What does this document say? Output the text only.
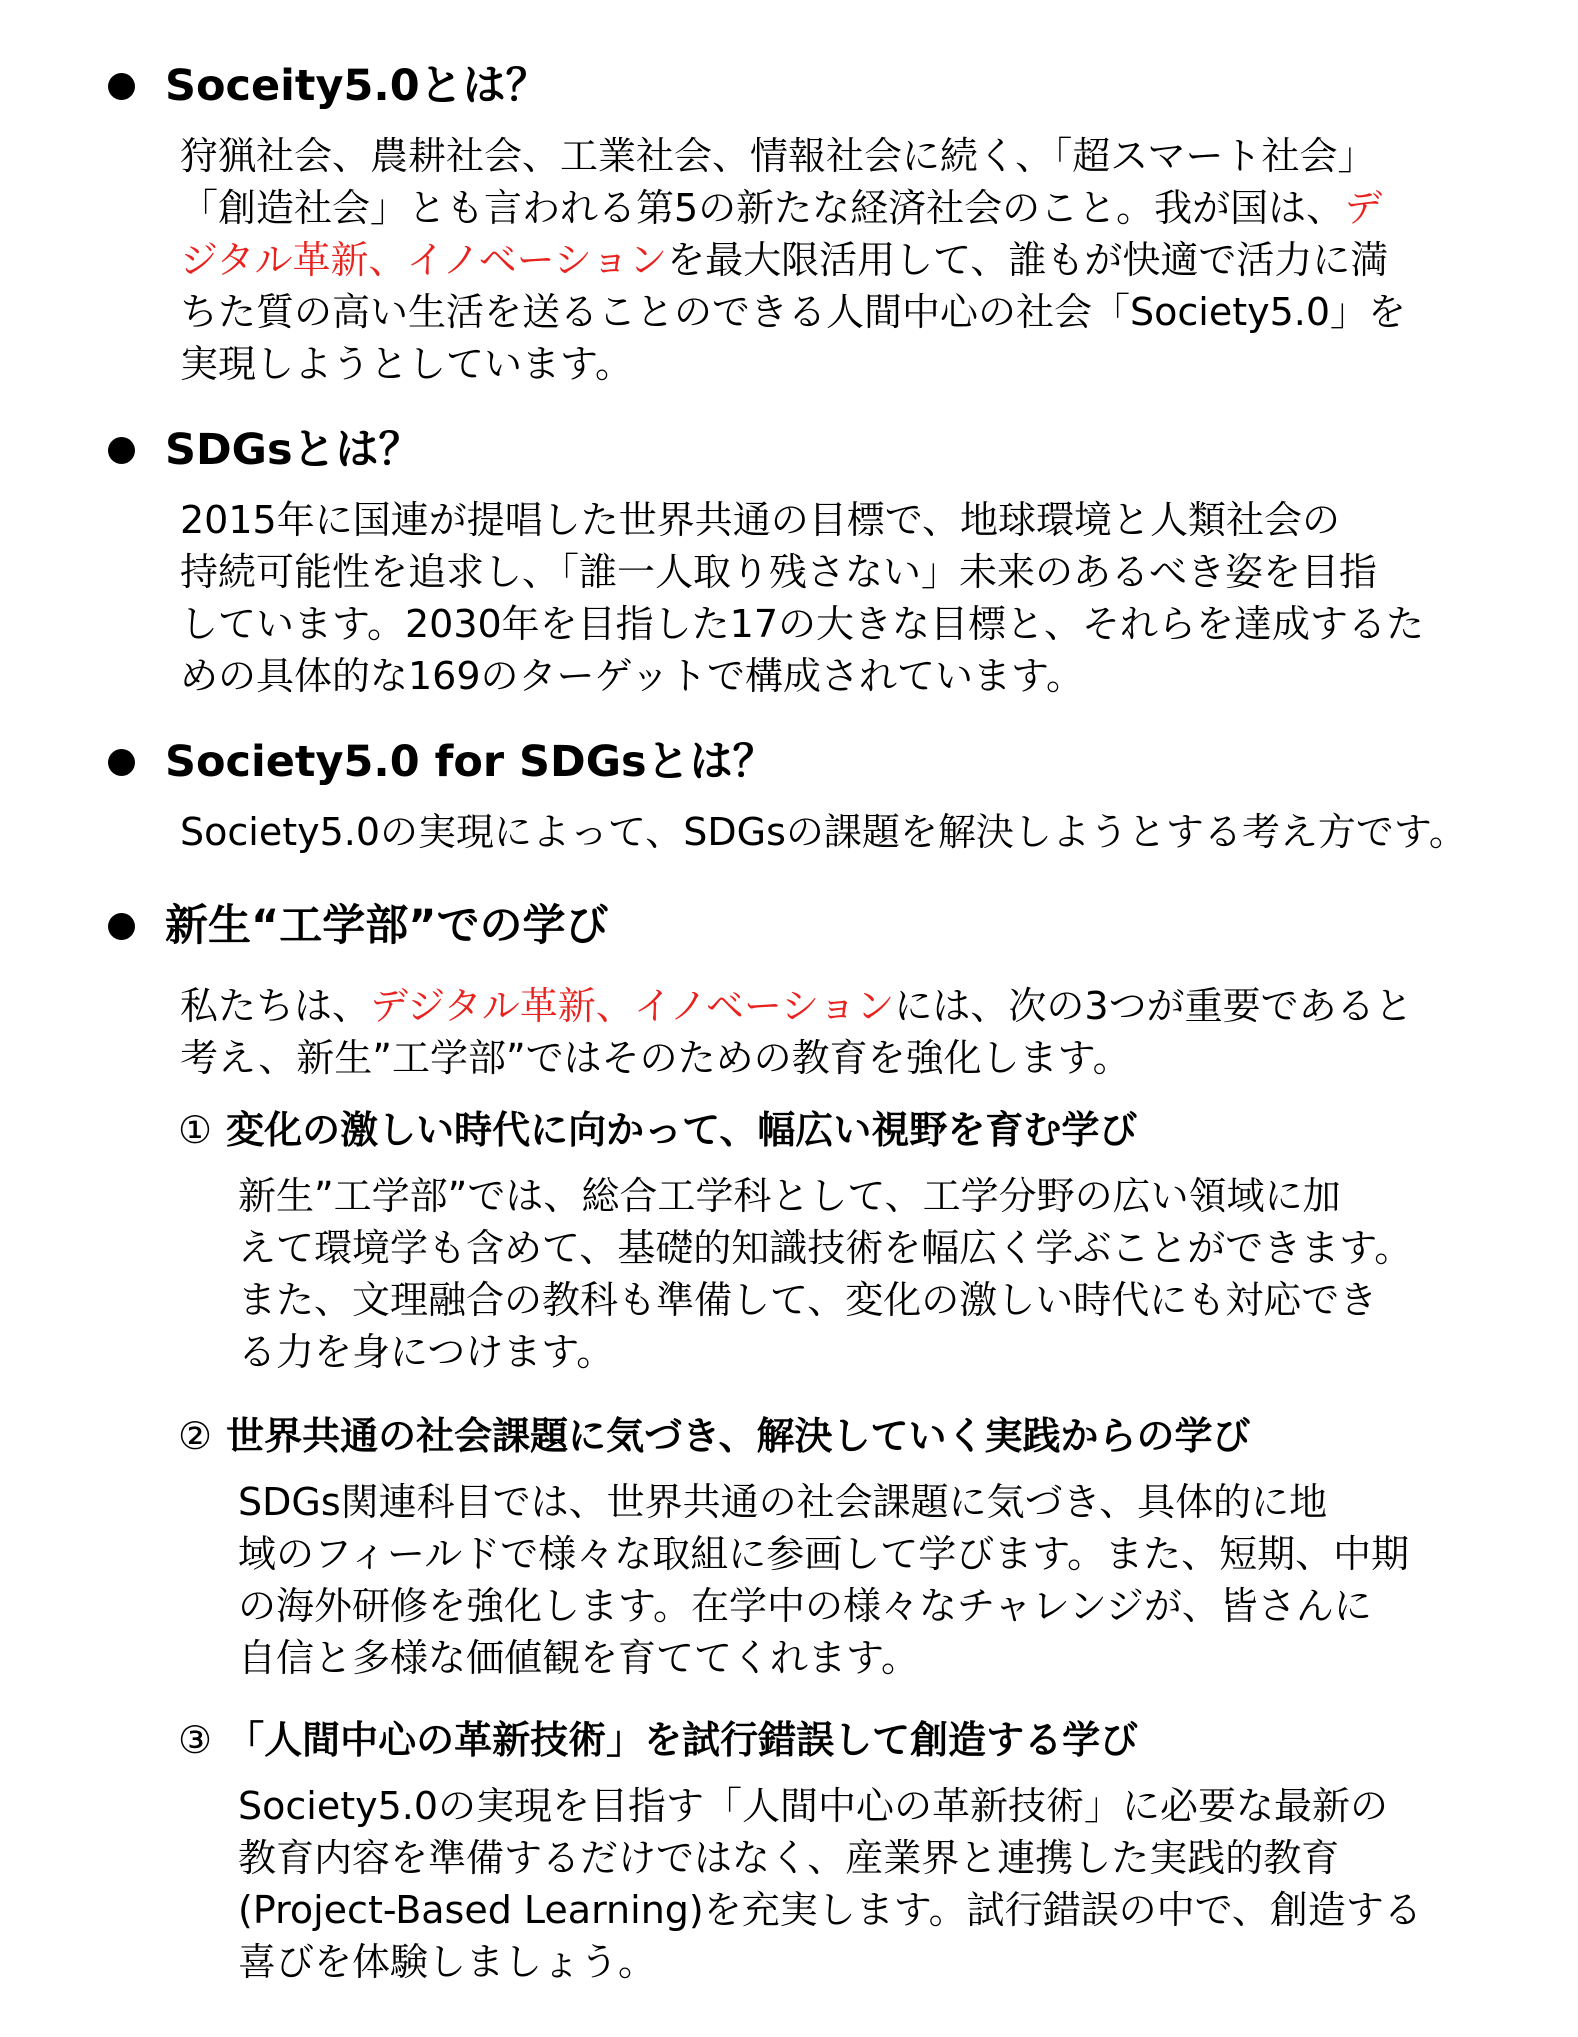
Soceity5.0とは？
狩猟社会、農耕社会、工業社会、情報社会に続く、「超スマート社会」
「創造社会」とも言われる第5の新たな経済社会のこと。我が国は、デ
ジタル革新、イノベーションを最大限活用して、誰もが快適で活力に満
ちた質の高い生活を送ることのできる人間中心の社会「Society5.0」を
実現しようとしています。
SDGsとは？
2015年に国連が提唱した世界共通の目標で、地球環境と人類社会の
持続可能性を追求し、「誰一人取り残さない」未来のあるべき姿を目指
しています。2030年を目指した17の大きな目標と、それらを達成するた
めの具体的な169のターゲットで構成されています。
Society5.0 for SDGsとは？
Society5.0の実現によって、SDGsの課題を解決しようとする考え方です。
新生“工学部”での学び
私たちは、デジタル革新、イノベーションには、次の3つが重要であると
考え、新生”工学部”ではそのための教育を強化します。
① 変化の激しい時代に向かって、幅広い視野を育む学び
新生”工学部”では、総合工学科として、工学分野の広い領域に加
えて環境学も含めて、基礎的知識技術を幅広く学ぶことができます。
また、文理融合の教科も準備して、変化の激しい時代にも対応でき
る力を身につけます。
② 世界共通の社会課題に気づき、解決していく実践からの学び
SDGs関連科目では、世界共通の社会課題に気づき、具体的に地
域のフィールドで様々な取組に参画して学びます。また、短期、中期
の海外研修を強化します。在学中の様々なチャレンジが、皆さんに
自信と多様な価値観を育ててくれます。
③ 「人間中心の革新技術」を試行錯誤して創造する学び
Society5.0の実現を目指す「人間中心の革新技術」に必要な最新の
教育内容を準備するだけではなく、産業界と連携した実践的教育
(Project-Based Learning)を充実します。試行錯誤の中で、創造する
喜びを体験しましょう。
